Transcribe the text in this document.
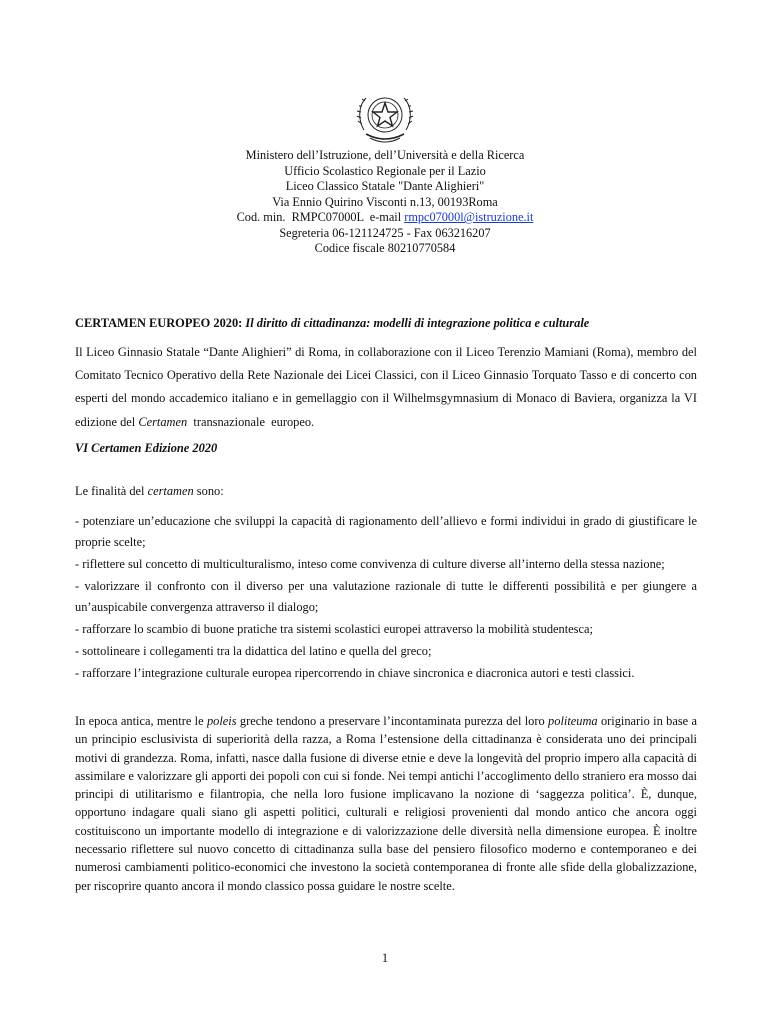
Ministero dell’Istruzione, dell’Università e della Ricerca
Ufficio Scolastico Regionale per il Lazio
Liceo Classico Statale "Dante Alighieri"
Via Ennio Quirino Visconti n.13, 00193Roma
Cod. min.  RMPC07000L  e-mail rmpc07000l@istruzione.it
Segreteria 06-121124725 - Fax 063216207
Codice fiscale 80210770584
CERTAMEN EUROPEO 2020: Il diritto di cittadinanza: modelli di integrazione politica e culturale
Il Liceo Ginnasio Statale “Dante Alighieri” di Roma, in collaborazione con il Liceo Terenzio Mamiani (Roma), membro del Comitato Tecnico Operativo della Rete Nazionale dei Licei Classici, con il Liceo Ginnasio Torquato Tasso e di concerto con esperti del mondo accademico italiano e in gemellaggio con il Wilhelmsgymnasium di Monaco di Baviera, organizza la VI edizione del Certamen  transnazionale  europeo.
VI Certamen Edizione 2020
Le finalità del certamen sono:

- potenziare un’educazione che sviluppi la capacità di ragionamento dell’allievo e formi individui in grado di giustificare le proprie scelte;

- riflettere sul concetto di multiculturalismo, inteso come convivenza di culture diverse all’interno della stessa nazione;

- valorizzare il confronto con il diverso per una valutazione razionale di tutte le differenti possibilità e per giungere a un’auspicabile convergenza attraverso il dialogo;

- rafforzare lo scambio di buone pratiche tra sistemi scolastici europei attraverso la mobilità studentesca;

- sottolineare i collegamenti tra la didattica del latino e quella del greco;

- rafforzare l’integrazione culturale europea ripercorrendo in chiave sincronica e diacronica autori e testi classici.

In epoca antica, mentre le poleis greche tendono a preservare l’incontaminata purezza del loro politeuma originario in base a un principio esclusivista di superiorità della razza, a Roma l’estensione della cittadinanza è considerata uno dei principali motivi di grandezza. Roma, infatti, nasce dalla fusione di diverse etnie e deve la longevità del proprio impero alla capacità di assimilare e valorizzare gli apporti dei popoli con cui si fonde. Nei tempi antichi l’accoglimento dello straniero era mosso dai principi di utilitarismo e filantropia, che nella loro fusione implicavano la nozione di ‘saggezza politica’. È, dunque, opportuno indagare quali siano gli aspetti politici, culturali e religiosi provenienti dal mondo antico che ancora oggi costituiscono un importante modello di integrazione e di valorizzazione delle diversità nella dimensione europea. È inoltre necessario riflettere sul nuovo concetto di cittadinanza sulla base del pensiero filosofico moderno e contemporaneo e dei numerosi cambiamenti politico-economici che investono la società contemporanea di fronte alle sfide della globalizzazione, per riscoprire quanto ancora il mondo classico possa guidare le nostre scelte.
1
